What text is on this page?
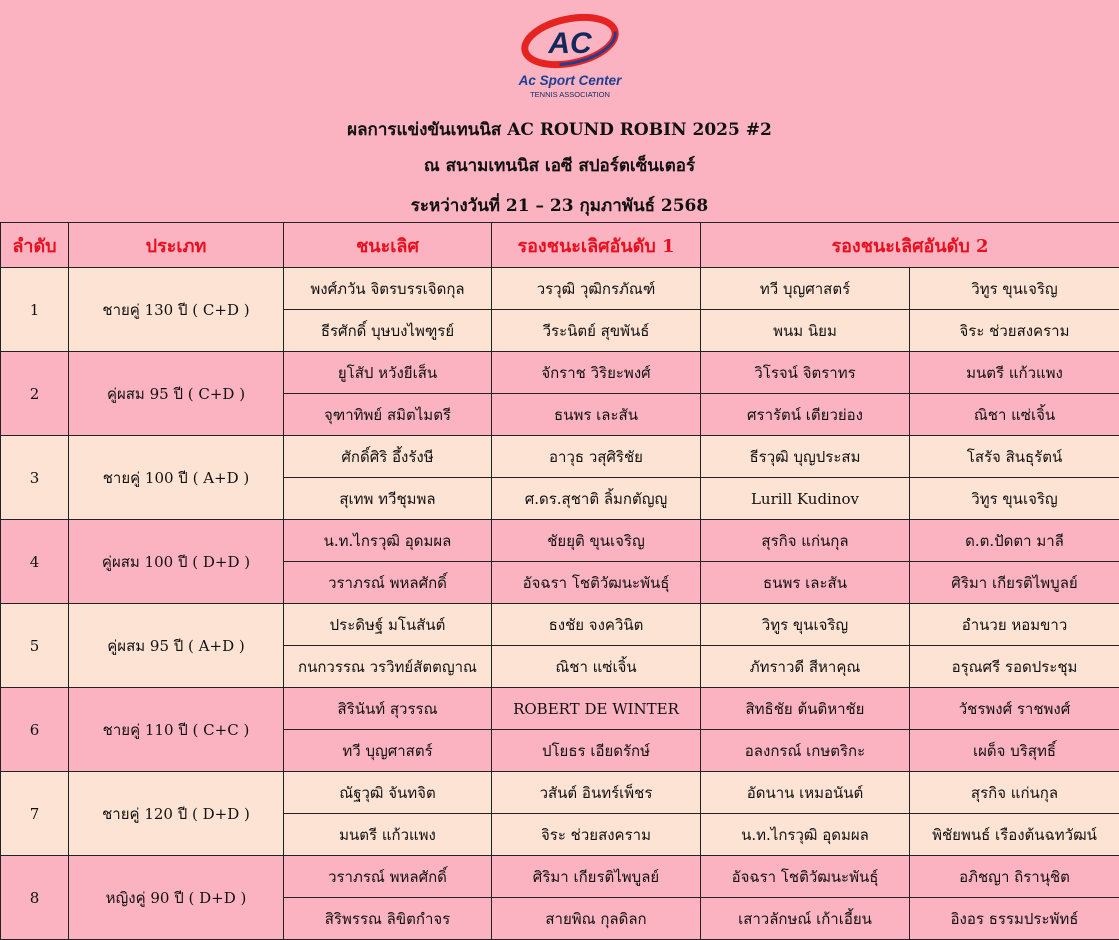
AC
Ac Sport Center
TENNIS ASSOCIATION
ผลการแข่งขันเทนนิส AC ROUND ROBIN 2025 #2
ณ สนามเทนนิส เอซี สปอร์ตเซ็นเตอร์
ระหว่างวันที่ 21 – 23 กุมภาพันธ์ 2568
ลำดับ	ประเภท	ชนะเลิศ	รองชนะเลิศอันดับ 1	รองชนะเลิศอันดับ 2	
1	ชายคู่ 130 ปี ( C+D )	พงศ์ภวัน จิตรบรรเจิดกุล	วรวุฒิ วุฒิกรภัณฑ์	ทวี บุญศาสตร์	วิทูร ขุนเจริญ
		ธีรศักดิ์ บุษบงไพฑูรย์	วีระนิตย์ สุขพันธ์	พนม นิยม	จิระ ช่วยสงคราม
2	คู่ผสม 95 ปี ( C+D )	ยูโสัป หวังยีเส็น	จักราช วิริยะพงศ์	วิโรจน์ จิตราทร	มนตรี แก้วแพง
		จุฑาทิพย์ สมิตไมตรี	ธนพร เละสัน	ศรารัตน์ เตียวย่อง	ณิชา แซ่เจิ้น
3	ชายคู่ 100 ปี ( A+D )	ศักดิ์ศิริ อึ้งรังษี	อาวุธ วสุศิริชัย	ธีรวุฒิ บุญประสม	โสรัจ สินธุรัตน์
		สุเทพ ทวีชุมพล	ศ.ดร.สุชาติ ลิ้มกตัญญู	Lurill Kudinov	วิทูร ขุนเจริญ
4	คู่ผสม 100 ปี ( D+D )	น.ท.ไกรวุฒิ อุดมผล	ชัยยุติ ขุนเจริญ	สุรกิจ แก่นกุล	ด.ต.ปัดตา มาลี
		วราภรณ์ พหลศักดิ์	อัจฉรา โชติวัฒนะพันธุ์	ธนพร เละสัน	ศิริมา เกียรติไพบูลย์
5	คู่ผสม 95 ปี ( A+D )	ประดิษฐ์ มโนสันต์	ธงชัย จงควินิต	วิทูร ขุนเจริญ	อำนวย หอมขาว
		กนกวรรณ วรวิทย์สัตตญาณ	ณิชา แซ่เจิ้น	ภัทราวดี สีหาคุณ	อรุณศรี รอดประชุม
6	ชายคู่ 110 ปี ( C+C )	สิรินันท์ สุวรรณ	ROBERT DE WINTER	สิทธิชัย ต้นติหาชัย	วัชรพงศ์ ราชพงศ์
		ทวี บุญศาสตร์	ปโยธร เอียดรักษ์	อลงกรณ์ เกษตริกะ	เผด็จ บริสุทธิ์
7	ชายคู่ 120 ปี ( D+D )	ณัฐวุฒิ จันทจิต	วสันต์ อินทร์เพ็ชร	อัดนาน เหมอนันต์	สุรกิจ แก่นกุล
		มนตรี แก้วแพง	จิระ ช่วยสงคราม	น.ท.ไกรวุฒิ อุดมผล	พิชัยพนธ์ เรืองต้นฉทวัฒน์
8	หญิงคู่ 90 ปี ( D+D )	วราภรณ์ พหลศักดิ์	ศิริมา เกียรติไพบูลย์	อัจฉรา โชติวัฒนะพันธุ์	อภิชญา ถิรานุชิต
		สิริพรรณ ลิขิตกำจร	สายพิณ กุลดิลก	เสาวลักษณ์ เก้าเอี้ยน	อิงอร ธรรมประพัทธ์
